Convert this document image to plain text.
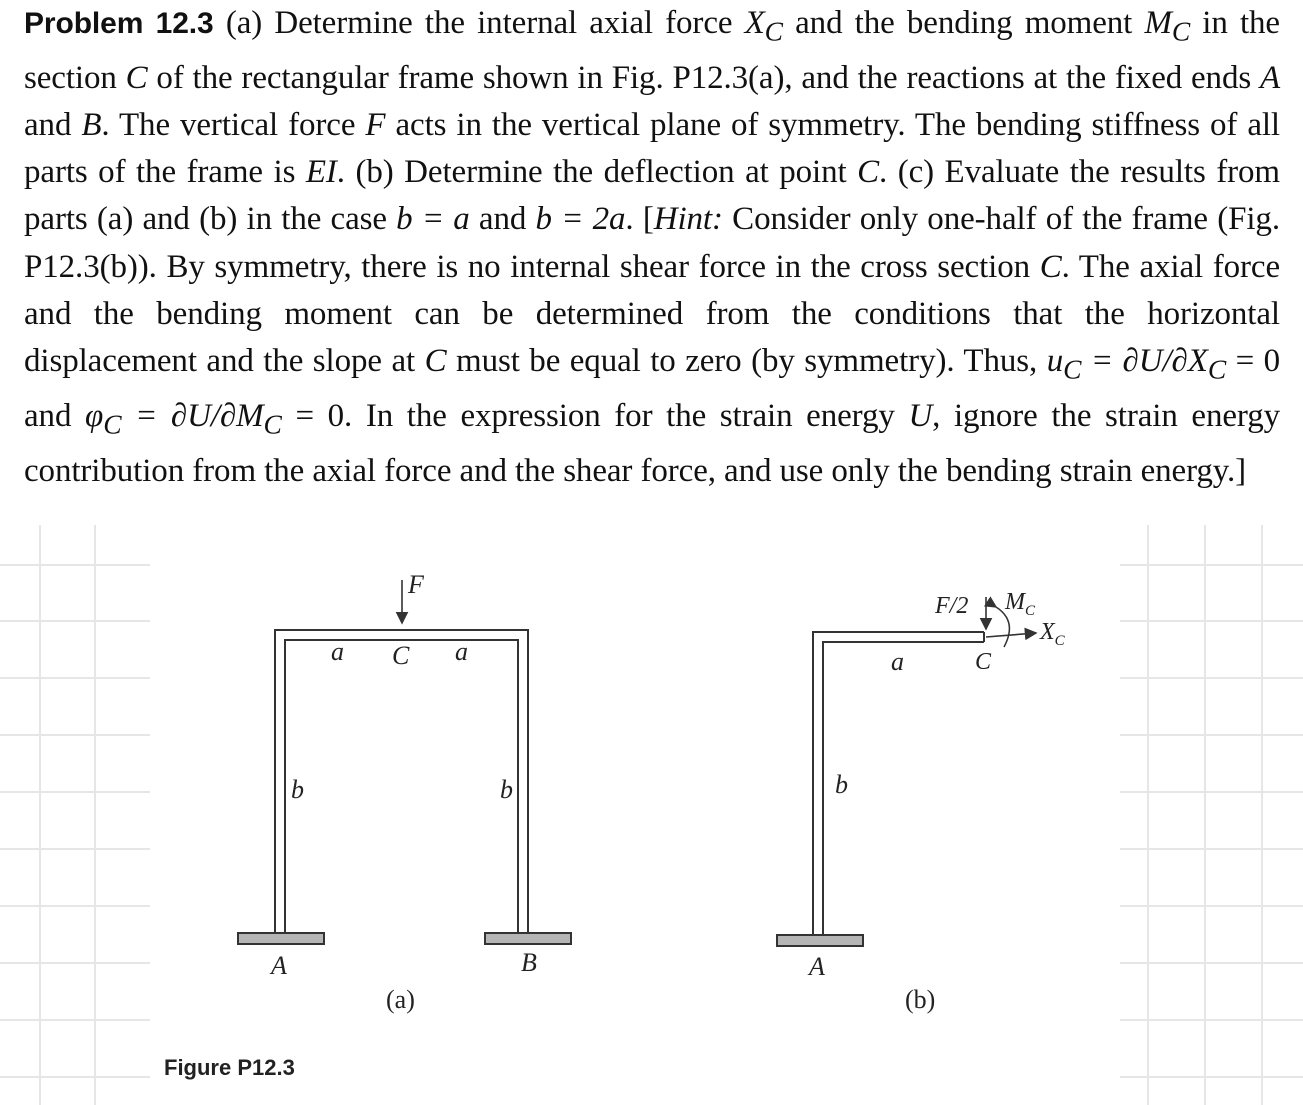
Problem 12.3 (a) Determine the internal axial force $X_C$ and the bending moment $M_C$ in the section C of the rectangular frame shown in Fig. P12.3(a), and the reactions at the fixed ends A and B. The vertical force F acts in the vertical plane of symmetry. The bending stiffness of all parts of the frame is EI. (b) Determine the deflection at point C. (c) Evaluate the results from parts (a) and (b) in the case b = a and b = 2a. [Hint: Consider only one-half of the frame (Fig. P12.3(b)). By symmetry, there is no internal shear force in the cross section C. The axial force and the bending moment can be determined from the conditions that the horizontal displacement and the slope at C must be equal to zero (by symmetry). Thus, $u_C = \partial U/\partial X_C = 0$ and $\varphi_C = \partial U/\partial M_C = 0$. In the expression for the strain energy U, ignore the strain energy contribution from the axial force and the shear force, and use only the bending strain energy.]
F
a C a
b	b
A	B
(a)
F/2 $M_C$
$X_C$
C
a
b
A
(b)
Figure P12.3
